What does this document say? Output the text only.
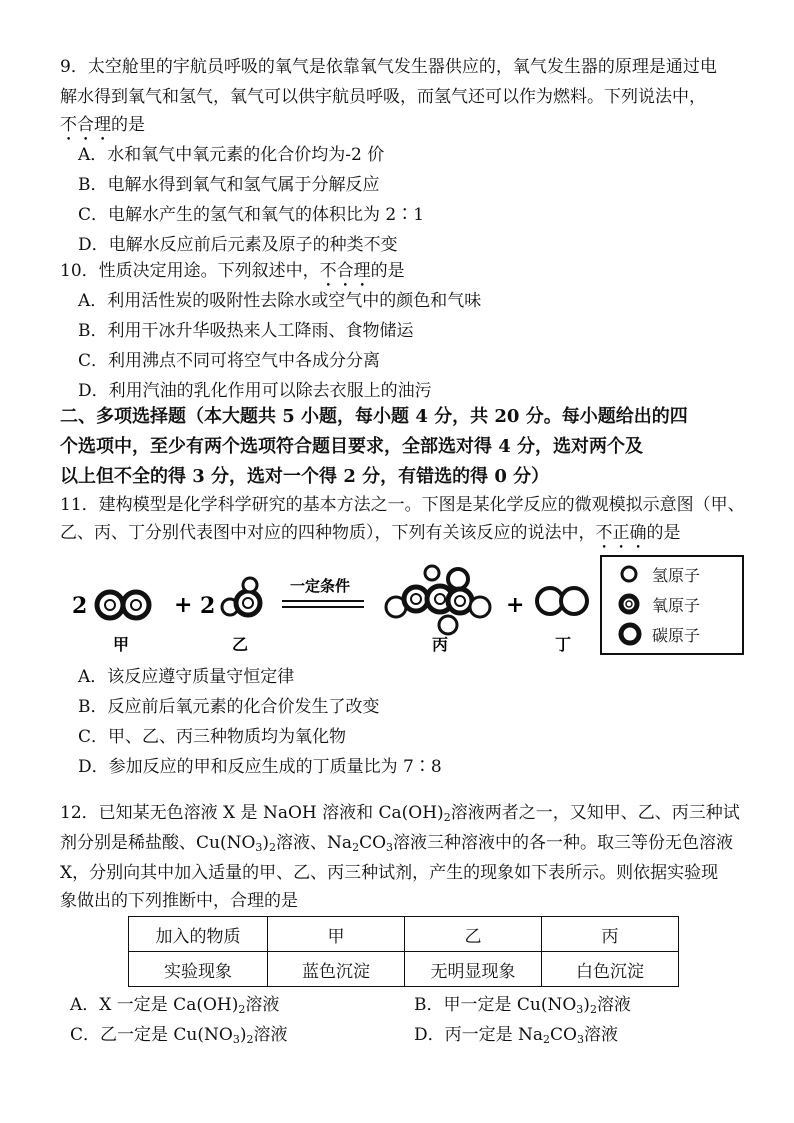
9．太空舱里的宇航员呼吸的氧气是依靠氧气发生器供应的，氧气发生器的原理是通过电
解水得到氧气和氢气，氧气可以供宇航员呼吸，而氢气还可以作为燃料。下列说法中，
不合理的是
A．水和氧气中氧元素的化合价均为-2 价
B．电解水得到氧气和氢气属于分解反应
C．电解水产生的氢气和氧气的体积比为 2∶1
D．电解水反应前后元素及原子的种类不变
10．性质决定用途。下列叙述中，不合理的是
A．利用活性炭的吸附性去除水或空气中的颜色和气味
B．利用干冰升华吸热来人工降雨、食物储运
C．利用沸点不同可将空气中各成分分离
D．利用汽油的乳化作用可以除去衣服上的油污
二、多项选择题（本大题共 5 小题，每小题 4 分，共 20 分。每小题给出的四
个选项中，至少有两个选项符合题目要求，全部选对得 4 分，选对两个及
以上但不全的得 3 分，选对一个得 2 分，有错选的得 0 分）
11．建构模型是化学科学研究的基本方法之一。下图是某化学反应的微观模拟示意图（甲、
乙、丙、丁分别代表图中对应的四种物质），下列有关该反应的说法中，不正确的是
2
甲
+ 2
乙
一定条件
丙
+
丁
氢原子
氧原子
碳原子
A．该反应遵守质量守恒定律
B．反应前后氧元素的化合价发生了改变
C．甲、乙、丙三种物质均为氧化物
D．参加反应的甲和反应生成的丁质量比为 7∶8
12．已知某无色溶液 X 是 NaOH 溶液和 $Ca(OH)_2$溶液两者之一，又知甲、乙、丙三种试
剂分别是稀盐酸、$Cu(NO_3)_2$溶液、$Na_2CO_3$溶液三种溶液中的各一种。取三等份无色溶液
X，分别向其中加入适量的甲、乙、丙三种试剂，产生的现象如下表所示。则依据实验现
象做出的下列推断中，合理的是
加入的物质	甲	乙	丙
实验现象	蓝色沉淀	无明显现象	白色沉淀
A．X 一定是 $Ca(OH)_2$溶液	B．甲一定是 $Cu(NO_3)_2$溶液
C．乙一定是 $Cu(NO_3)_2$溶液	D．丙一定是 $Na_2CO_3$溶液
